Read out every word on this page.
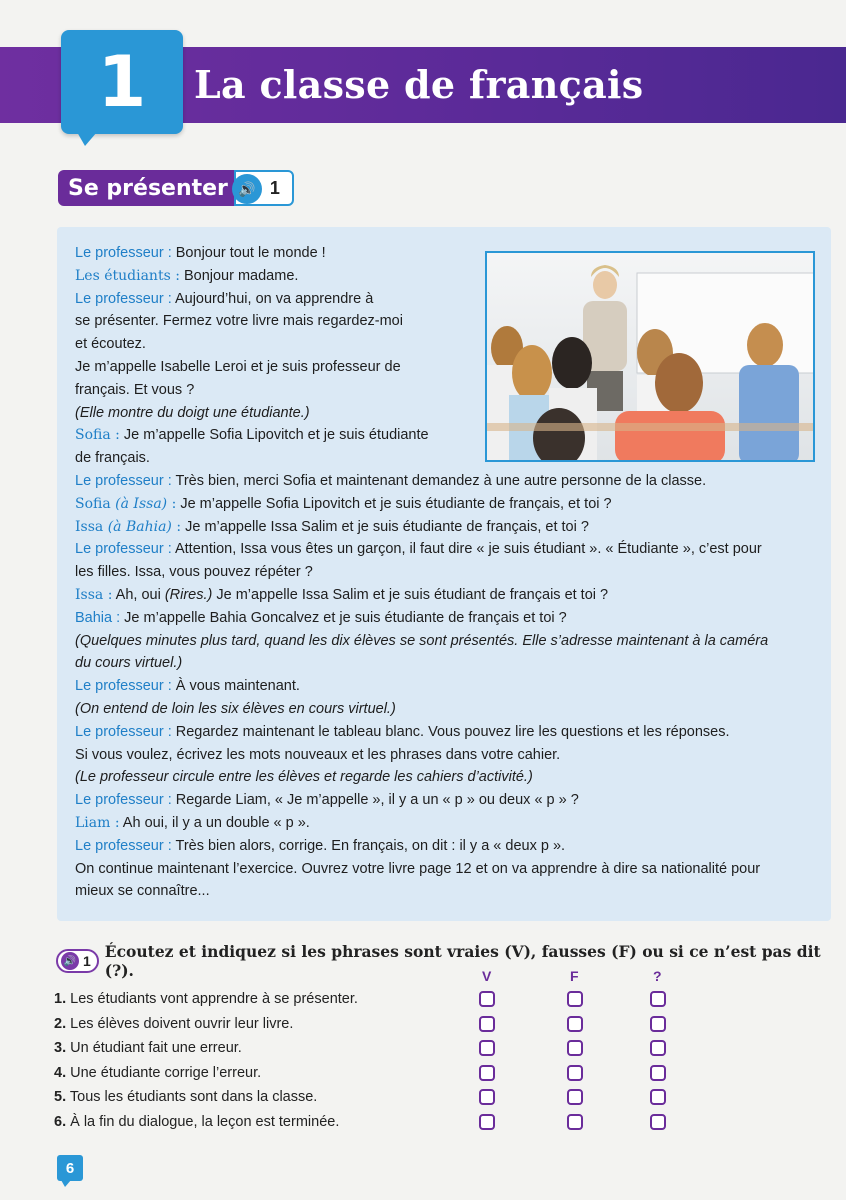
1 La classe de français
Se présenter 🔊 1
Le professeur : Bonjour tout le monde !
Les étudiants : Bonjour madame.
Le professeur : Aujourd’hui, on va apprendre à
se présenter. Fermez votre livre mais regardez-moi
et écoutez.
Je m’appelle Isabelle Leroi et je suis professeur de
français. Et vous ?
(Elle montre du doigt une étudiante.)
Sofia : Je m’appelle Sofia Lipovitch et je suis étudiante
de français.
Le professeur : Très bien, merci Sofia et maintenant demandez à une autre personne de la classe.
Sofia (à Issa) : Je m’appelle Sofia Lipovitch et je suis étudiante de français, et toi ?
Issa (à Bahia) : Je m’appelle Issa Salim et je suis étudiante de français, et toi ?
Le professeur : Attention, Issa vous êtes un garçon, il faut dire « je suis étudiant ». « Étudiante », c’est pour
les filles. Issa, vous pouvez répéter ?
Issa : Ah, oui (Rires.) Je m’appelle Issa Salim et je suis étudiant de français et toi ?
Bahia : Je m’appelle Bahia Goncalvez et je suis étudiante de français et toi ?
(Quelques minutes plus tard, quand les dix élèves se sont présentés. Elle s’adresse maintenant à la caméra
du cours virtuel.)
Le professeur : À vous maintenant.
(On entend de loin les six élèves en cours virtuel.)
Le professeur : Regardez maintenant le tableau blanc. Vous pouvez lire les questions et les réponses.
Si vous voulez, écrivez les mots nouveaux et les phrases dans votre cahier.
(Le professeur circule entre les élèves et regarde les cahiers d’activité.)
Le professeur : Regarde Liam, « Je m’appelle », il y a un « p » ou deux « p » ?
Liam : Ah oui, il y a un double « p ».
Le professeur : Très bien alors, corrige. En français, on dit : il y a « deux p ».
On continue maintenant l’exercice. Ouvrez votre livre page 12 et on va apprendre à dire sa nationalité pour
mieux se connaître...
🔊 1 Écoutez et indiquez si les phrases sont vraies (V), fausses (F) ou si ce n’est pas dit (?).	V	F	?
1. Les étudiants vont apprendre à se présenter.
2. Les élèves doivent ouvrir leur livre.
3. Un étudiant fait une erreur.
4. Une étudiante corrige l’erreur.
5. Tous les étudiants sont dans la classe.
6. À la fin du dialogue, la leçon est terminée.
6
